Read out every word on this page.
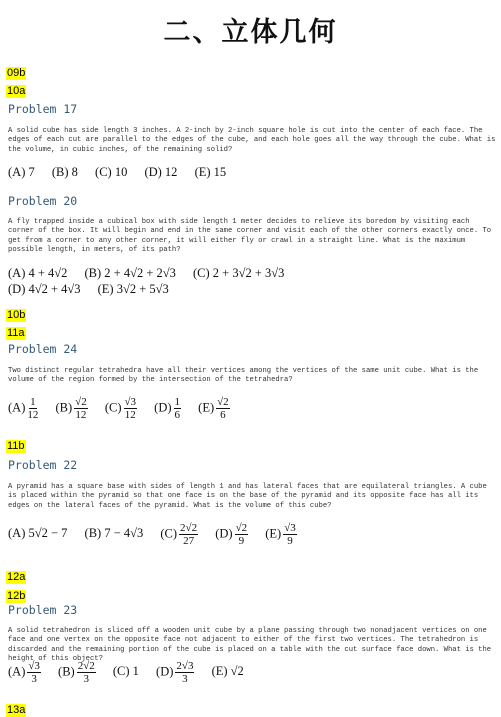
二、立体几何
09b
10a
Problem 17
A solid cube has side length 3 inches. A 2-inch by 2-inch square hole is cut into the center of each face. The edges of each cut are parallel to the edges of the cube, and each hole goes all the way through the cube. What is the volume, in cubic inches, of the remaining solid?
(A) 7 (B) 8 (C) 10 (D) 12 (E) 15
Problem 20
A fly trapped inside a cubical box with side length 1 meter decides to relieve its boredom by visiting each corner of the box. It will begin and end in the same corner and visit each of the other corners exactly once. To get from a corner to any other corner, it will either fly or crawl in a straight line. What is the maximum possible length, in meters, of its path?
(A) 4 + 4√2 (B) 2 + 4√2 + 2√3 (C) 2 + 3√2 + 3√3
(D) 4√2 + 4√3 (E) 3√2 + 5√3
10b
11a
Problem 24
Two distinct regular tetrahedra have all their vertices among the vertices of the same unit cube. What is the volume of the region formed by the intersection of the tetrahedra?
$(A) \frac{1}{12} (B) \frac{√2}{12} (C) \frac{√3}{12} (D) \frac{1}{6} (E) \frac{√2}{6}$
11b
Problem 22
A pyramid has a square base with sides of length 1 and has lateral faces that are equilateral triangles. A cube is placed within the pyramid so that one face is on the base of the pyramid and its opposite face has all its edges on the lateral faces of the pyramid. What is the volume of this cube?
(A) 5√2 − 7 (B) 7 − 4√3 $(C) \frac{2√2}{27} (D) \frac{√2}{9} (E) \frac{√3}{9}$
12a
12b
Problem 23
A solid tetrahedron is sliced off a wooden unit cube by a plane passing through two nonadjacent vertices on one face and one vertex on the opposite face not adjacent to either of the first two vertices. The tetrahedron is discarded and the remaining portion of the cube is placed on a table with the cut surface face down. What is the height of this object?
$(A) \frac{√3}{3} (B) \frac{2√2}{3} (C)$ 1 $(D) \frac{2√3}{3} (E)$ √2
13a
